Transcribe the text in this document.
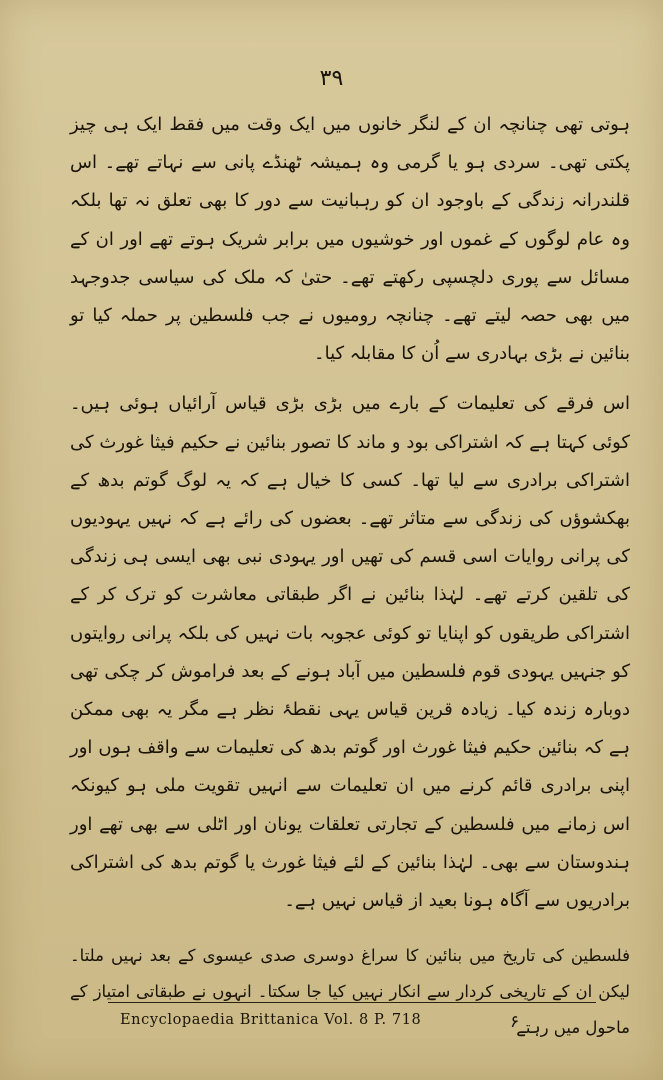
۳۹

ہوتی تھی چنانچہ ان کے لنگر خانوں میں ایک وقت میں فقط ایک ہی چیز پکتی تھی۔ سردی ہو یا گرمی وہ ہمیشہ ٹھنڈے پانی سے نہاتے تھے۔ اس قلندرانہ زندگی کے باوجود ان کو رہبانیت سے دور کا بھی تعلق نہ تھا بلکہ وہ عام لوگوں کے غموں اور خوشیوں میں برابر شریک ہوتے تھے اور ان کے مسائل سے پوری دلچسپی رکھتے تھے۔ حتیٰ کہ ملک کی سیاسی جدوجہد میں بھی حصہ لیتے تھے۔ چنانچہ رومیوں نے جب فلسطین پر حملہ کیا تو بنائین نے بڑی بہادری سے اُن کا مقابلہ کیا۔

اس فرقے کی تعلیمات کے بارے میں بڑی بڑی قیاس آرائیاں ہوئی ہیں۔ کوئی کہتا ہے کہ اشتراکی بود و ماند کا تصور بنائین نے حکیم فیثا غورث کی اشتراکی برادری سے لیا تھا۔ کسی کا خیال ہے کہ یہ لوگ گوتم بدھ کے بھکشوؤں کی زندگی سے متاثر تھے۔ بعضوں کی رائے ہے کہ نہیں یہودیوں کی پرانی روایات اسی قسم کی تھیں اور یہودی نبی بھی ایسی ہی زندگی کی تلقین کرتے تھے۔ لہٰذا بنائین نے اگر طبقاتی معاشرت کو ترک کر کے اشتراکی طریقوں کو اپنایا تو کوئی عجوبہ بات نہیں کی بلکہ پرانی روایتوں کو جنہیں یہودی قوم فلسطین میں آباد ہونے کے بعد فراموش کر چکی تھی دوبارہ زندہ کیا۔ زیادہ قرین قیاس یہی نقطۂ نظر ہے مگر یہ بھی ممکن ہے کہ بنائین حکیم فیثا غورث اور گوتم بدھ کی تعلیمات سے واقف ہوں اور اپنی برادری قائم کرنے میں ان تعلیمات سے انہیں تقویت ملی ہو کیونکہ اس زمانے میں فلسطین کے تجارتی تعلقات یونان اور اٹلی سے بھی تھے اور ہندوستان سے بھی۔ لہٰذا بنائین کے لئے فیثا غورث یا گوتم بدھ کی اشتراکی برادریوں سے آگاہ ہونا بعید از قیاس نہیں ہے۔

فلسطین کی تاریخ میں بنائین کا سراغ دوسری صدی عیسوی کے بعد نہیں ملتا۔ لیکن ان کے تاریخی کردار سے انکار نہیں کیا جا سکتا۔ انہوں نے طبقاتی امتیاز کے ماحول میں رہتے

۶
Encyclopaedia Brittanica Vol. 8 P. 718
